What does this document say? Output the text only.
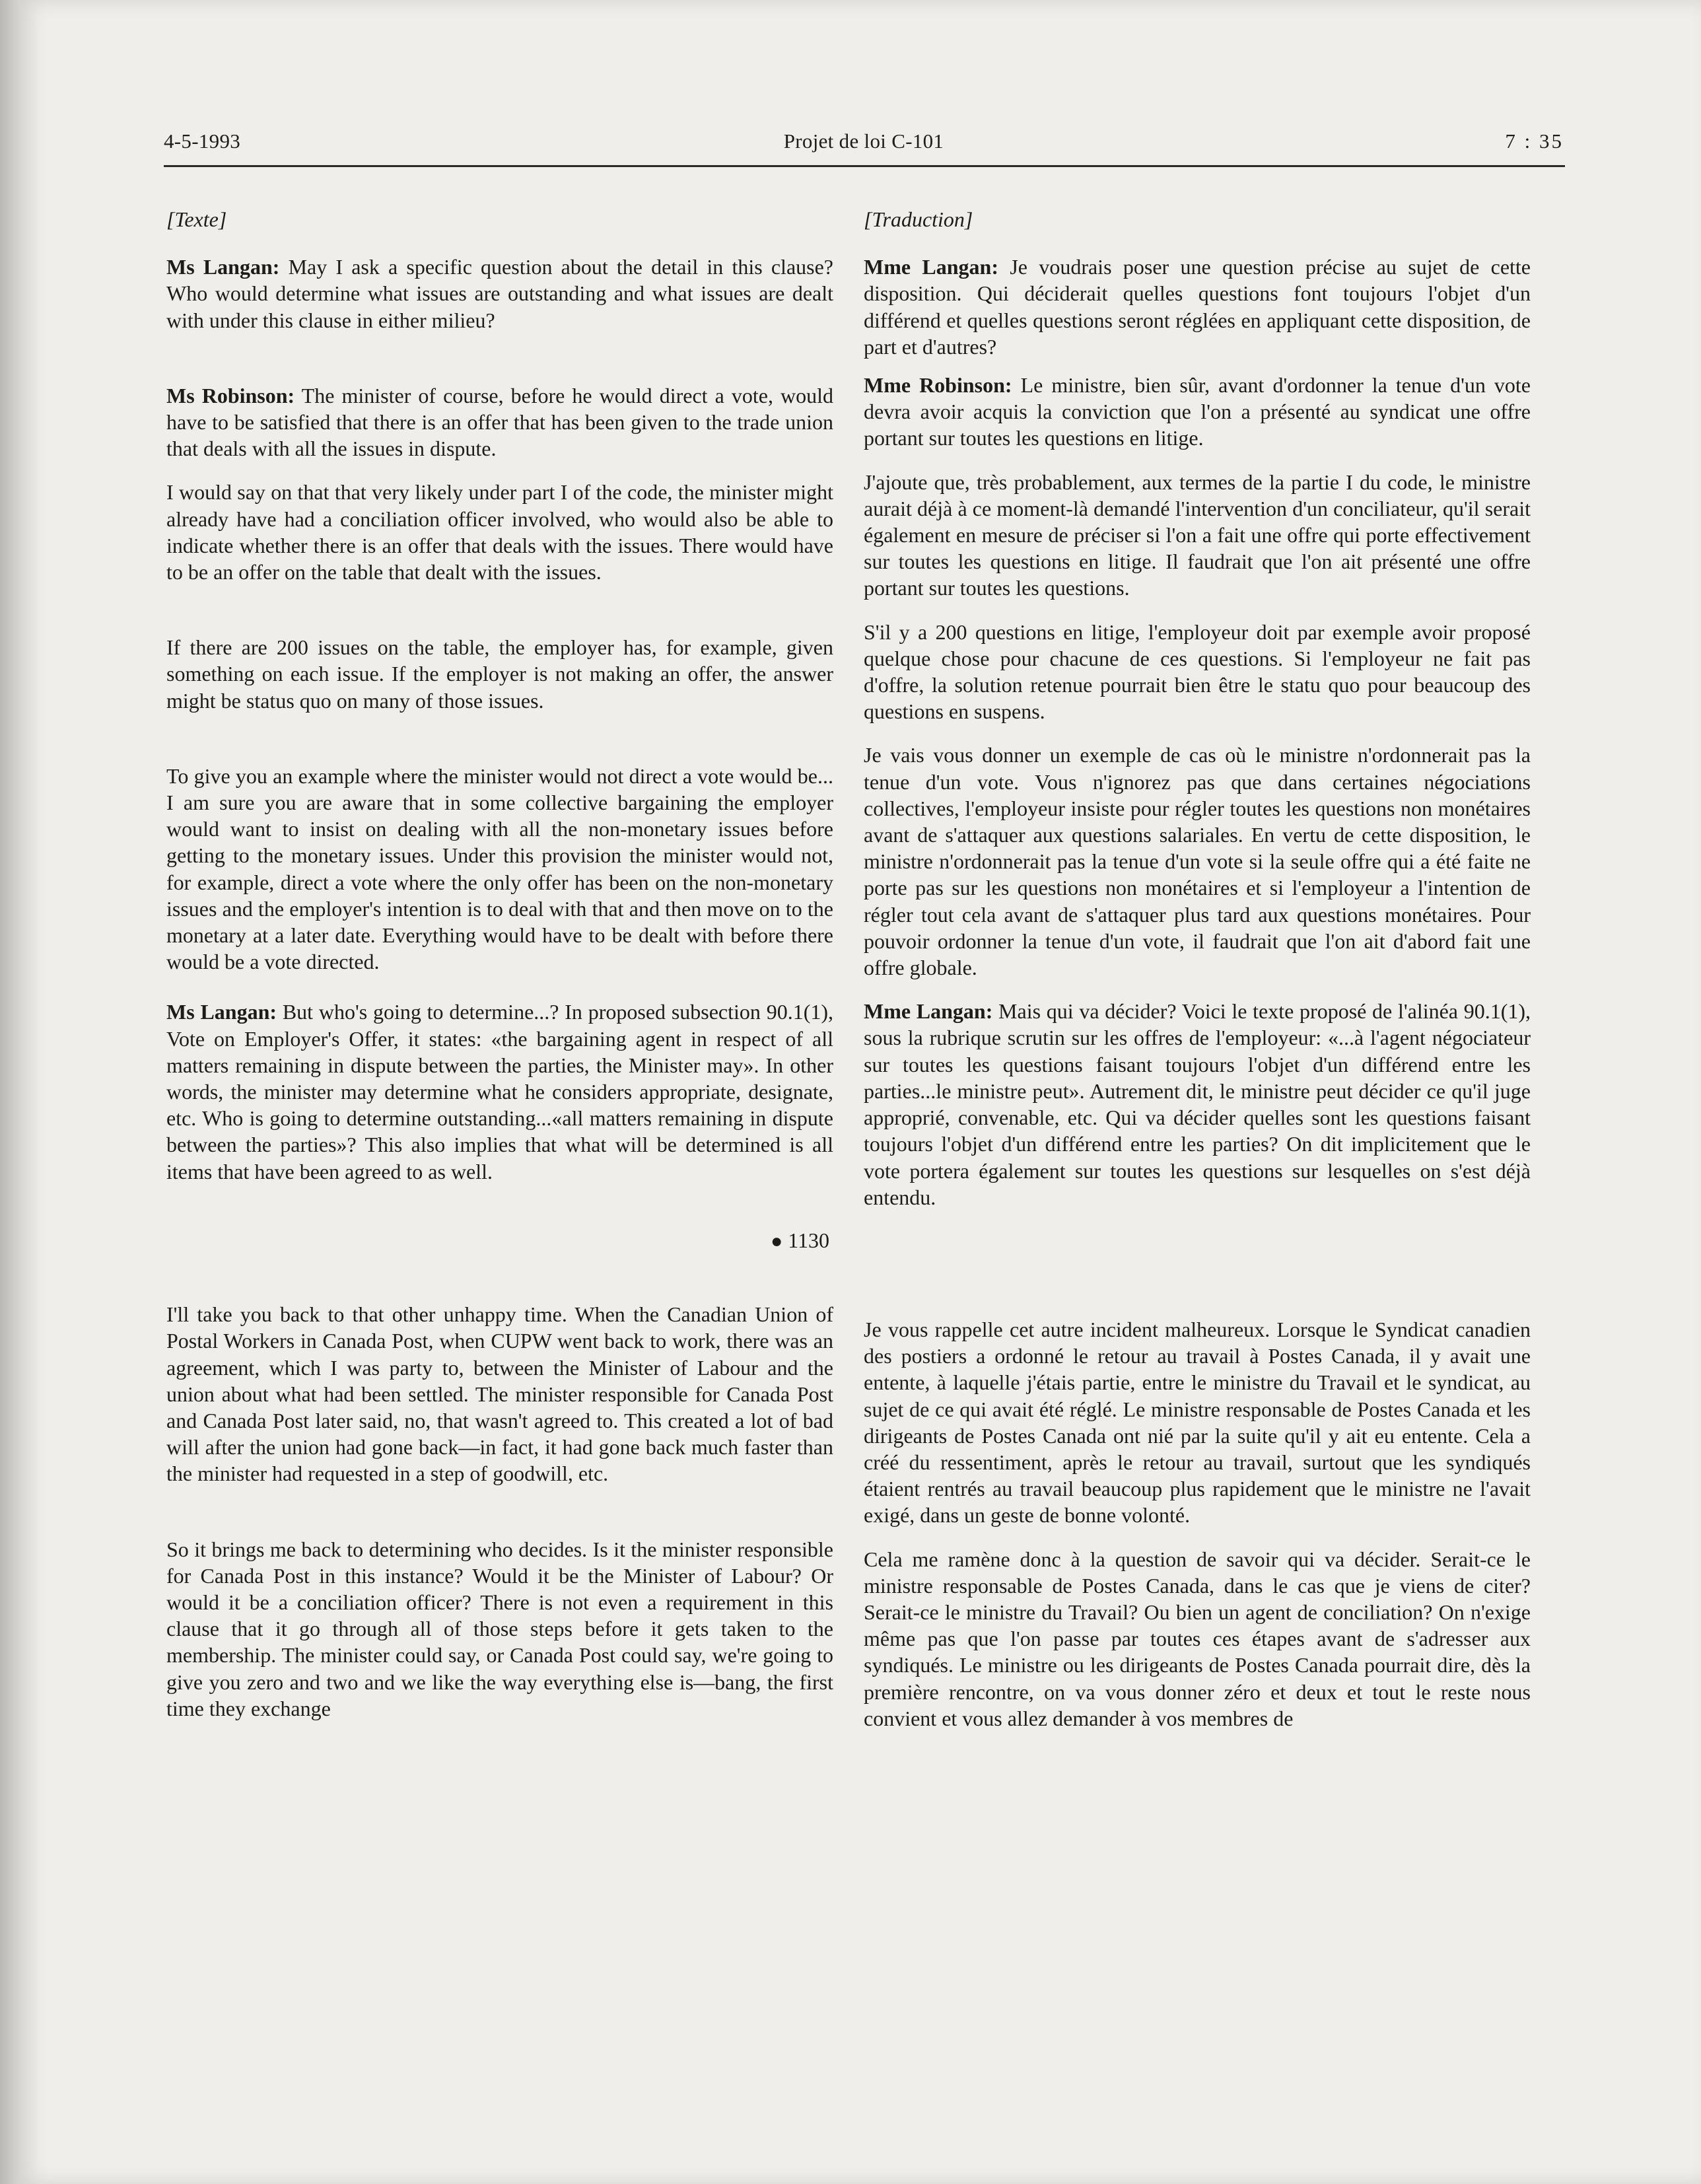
4-5-1993	Projet de loi C-101	7 : 35

[Texte]

Ms Langan: May I ask a specific question about the detail in this clause? Who would determine what issues are outstanding and what issues are dealt with under this clause in either milieu?

Ms Robinson: The minister of course, before he would direct a vote, would have to be satisfied that there is an offer that has been given to the trade union that deals with all the issues in dispute.

I would say on that that very likely under part I of the code, the minister might already have had a conciliation officer involved, who would also be able to indicate whether there is an offer that deals with the issues. There would have to be an offer on the table that dealt with the issues.

If there are 200 issues on the table, the employer has, for example, given something on each issue. If the employer is not making an offer, the answer might be status quo on many of those issues.

To give you an example where the minister would not direct a vote would be... I am sure you are aware that in some collective bargaining the employer would want to insist on dealing with all the non-monetary issues before getting to the monetary issues. Under this provision the minister would not, for example, direct a vote where the only offer has been on the non-monetary issues and the employer's intention is to deal with that and then move on to the monetary at a later date. Everything would have to be dealt with before there would be a vote directed.

Ms Langan: But who's going to determine...? In proposed subsection 90.1(1), Vote on Employer's Offer, it states: «the bargaining agent in respect of all matters remaining in dispute between the parties, the Minister may». In other words, the minister may determine what he considers appropriate, designate, etc. Who is going to determine outstanding...«all matters remaining in dispute between the parties»? This also implies that what will be determined is all items that have been agreed to as well.

● 1130

I'll take you back to that other unhappy time. When the Canadian Union of Postal Workers in Canada Post, when CUPW went back to work, there was an agreement, which I was party to, between the Minister of Labour and the union about what had been settled. The minister responsible for Canada Post and Canada Post later said, no, that wasn't agreed to. This created a lot of bad will after the union had gone back—in fact, it had gone back much faster than the minister had requested in a step of goodwill, etc.

So it brings me back to determining who decides. Is it the minister responsible for Canada Post in this instance? Would it be the Minister of Labour? Or would it be a conciliation officer? There is not even a requirement in this clause that it go through all of those steps before it gets taken to the membership. The minister could say, or Canada Post could say, we're going to give you zero and two and we like the way everything else is—bang, the first time they exchange

[Traduction]

Mme Langan: Je voudrais poser une question précise au sujet de cette disposition. Qui déciderait quelles questions font toujours l'objet d'un différend et quelles questions seront réglées en appliquant cette disposition, de part et d'autres?

Mme Robinson: Le ministre, bien sûr, avant d'ordonner la tenue d'un vote devra avoir acquis la conviction que l'on a présenté au syndicat une offre portant sur toutes les questions en litige.

J'ajoute que, très probablement, aux termes de la partie I du code, le ministre aurait déjà à ce moment-là demandé l'intervention d'un conciliateur, qu'il serait également en mesure de préciser si l'on a fait une offre qui porte effectivement sur toutes les questions en litige. Il faudrait que l'on ait présenté une offre portant sur toutes les questions.

S'il y a 200 questions en litige, l'employeur doit par exemple avoir proposé quelque chose pour chacune de ces questions. Si l'employeur ne fait pas d'offre, la solution retenue pourrait bien être le statu quo pour beaucoup des questions en suspens.

Je vais vous donner un exemple de cas où le ministre n'ordonnerait pas la tenue d'un vote. Vous n'ignorez pas que dans certaines négociations collectives, l'employeur insiste pour régler toutes les questions non monétaires avant de s'attaquer aux questions salariales. En vertu de cette disposition, le ministre n'ordonnerait pas la tenue d'un vote si la seule offre qui a été faite ne porte pas sur les questions non monétaires et si l'employeur a l'intention de régler tout cela avant de s'attaquer plus tard aux questions monétaires. Pour pouvoir ordonner la tenue d'un vote, il faudrait que l'on ait d'abord fait une offre globale.

Mme Langan: Mais qui va décider? Voici le texte proposé de l'alinéa 90.1(1), sous la rubrique scrutin sur les offres de l'employeur: «...à l'agent négociateur sur toutes les questions faisant toujours l'objet d'un différend entre les parties...le ministre peut». Autrement dit, le ministre peut décider ce qu'il juge approprié, convenable, etc. Qui va décider quelles sont les questions faisant toujours l'objet d'un différend entre les parties? On dit implicitement que le vote portera également sur toutes les questions sur lesquelles on s'est déjà entendu.

Je vous rappelle cet autre incident malheureux. Lorsque le Syndicat canadien des postiers a ordonné le retour au travail à Postes Canada, il y avait une entente, à laquelle j'étais partie, entre le ministre du Travail et le syndicat, au sujet de ce qui avait été réglé. Le ministre responsable de Postes Canada et les dirigeants de Postes Canada ont nié par la suite qu'il y ait eu entente. Cela a créé du ressentiment, après le retour au travail, surtout que les syndiqués étaient rentrés au travail beaucoup plus rapidement que le ministre ne l'avait exigé, dans un geste de bonne volonté.

Cela me ramène donc à la question de savoir qui va décider. Serait-ce le ministre responsable de Postes Canada, dans le cas que je viens de citer? Serait-ce le ministre du Travail? Ou bien un agent de conciliation? On n'exige même pas que l'on passe par toutes ces étapes avant de s'adresser aux syndiqués. Le ministre ou les dirigeants de Postes Canada pourrait dire, dès la première rencontre, on va vous donner zéro et deux et tout le reste nous convient et vous allez demander à vos membres de
